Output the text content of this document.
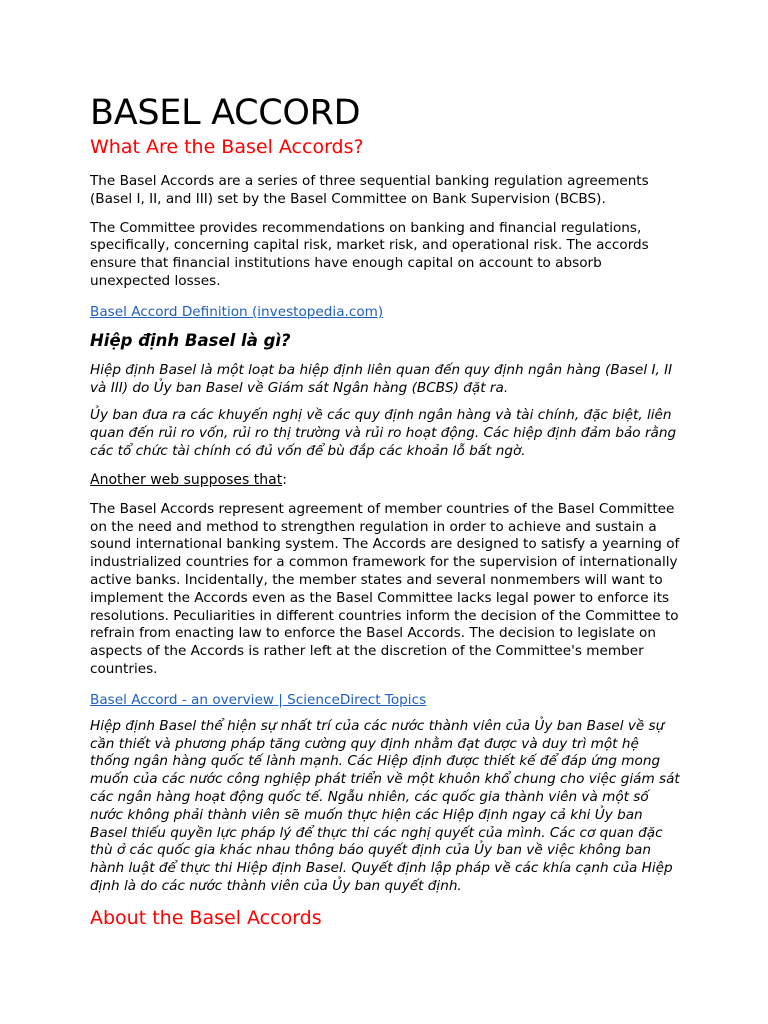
BASEL ACCORD
What Are the Basel Accords?

The Basel Accords are a series of three sequential banking regulation agreements (Basel I, II, and III) set by the Basel Committee on Bank Supervision (BCBS).

The Committee provides recommendations on banking and financial regulations, specifically, concerning capital risk, market risk, and operational risk. The accords ensure that financial institutions have enough capital on account to absorb unexpected losses.

Basel Accord Definition (investopedia.com)
Hiệp định Basel là gì?

Hiệp định Basel là một loạt ba hiệp định liên quan đến quy định ngân hàng (Basel I, II và III) do Ủy ban Basel về Giám sát Ngân hàng (BCBS) đặt ra.

Ủy ban đưa ra các khuyến nghị về các quy định ngân hàng và tài chính, đặc biệt, liên quan đến rủi ro vốn, rủi ro thị trường và rủi ro hoạt động. Các hiệp định đảm bảo rằng các tổ chức tài chính có đủ vốn để bù đắp các khoản lỗ bất ngờ.

Another web supposes that:

The Basel Accords represent agreement of member countries of the Basel Committee on the need and method to strengthen regulation in order to achieve and sustain a sound international banking system. The Accords are designed to satisfy a yearning of industrialized countries for a common framework for the supervision of internationally active banks. Incidentally, the member states and several nonmembers will want to implement the Accords even as the Basel Committee lacks legal power to enforce its resolutions. Peculiarities in different countries inform the decision of the Committee to refrain from enacting law to enforce the Basel Accords. The decision to legislate on aspects of the Accords is rather left at the discretion of the Committee's member countries.

Basel Accord - an overview | ScienceDirect Topics

Hiệp định Basel thể hiện sự nhất trí của các nước thành viên của Ủy ban Basel về sự cần thiết và phương pháp tăng cường quy định nhằm đạt được và duy trì một hệ thống ngân hàng quốc tế lành mạnh. Các Hiệp định được thiết kế để đáp ứng mong muốn của các nước công nghiệp phát triển về một khuôn khổ chung cho việc giám sát các ngân hàng hoạt động quốc tế. Ngẫu nhiên, các quốc gia thành viên và một số nước không phải thành viên sẽ muốn thực hiện các Hiệp định ngay cả khi Ủy ban Basel thiếu quyền lực pháp lý để thực thi các nghị quyết của mình. Các cơ quan đặc thù ở các quốc gia khác nhau thông báo quyết định của Ủy ban về việc không ban hành luật để thực thi Hiệp định Basel. Quyết định lập pháp về các khía cạnh của Hiệp định là do các nước thành viên của Ủy ban quyết định.

About the Basel Accords
